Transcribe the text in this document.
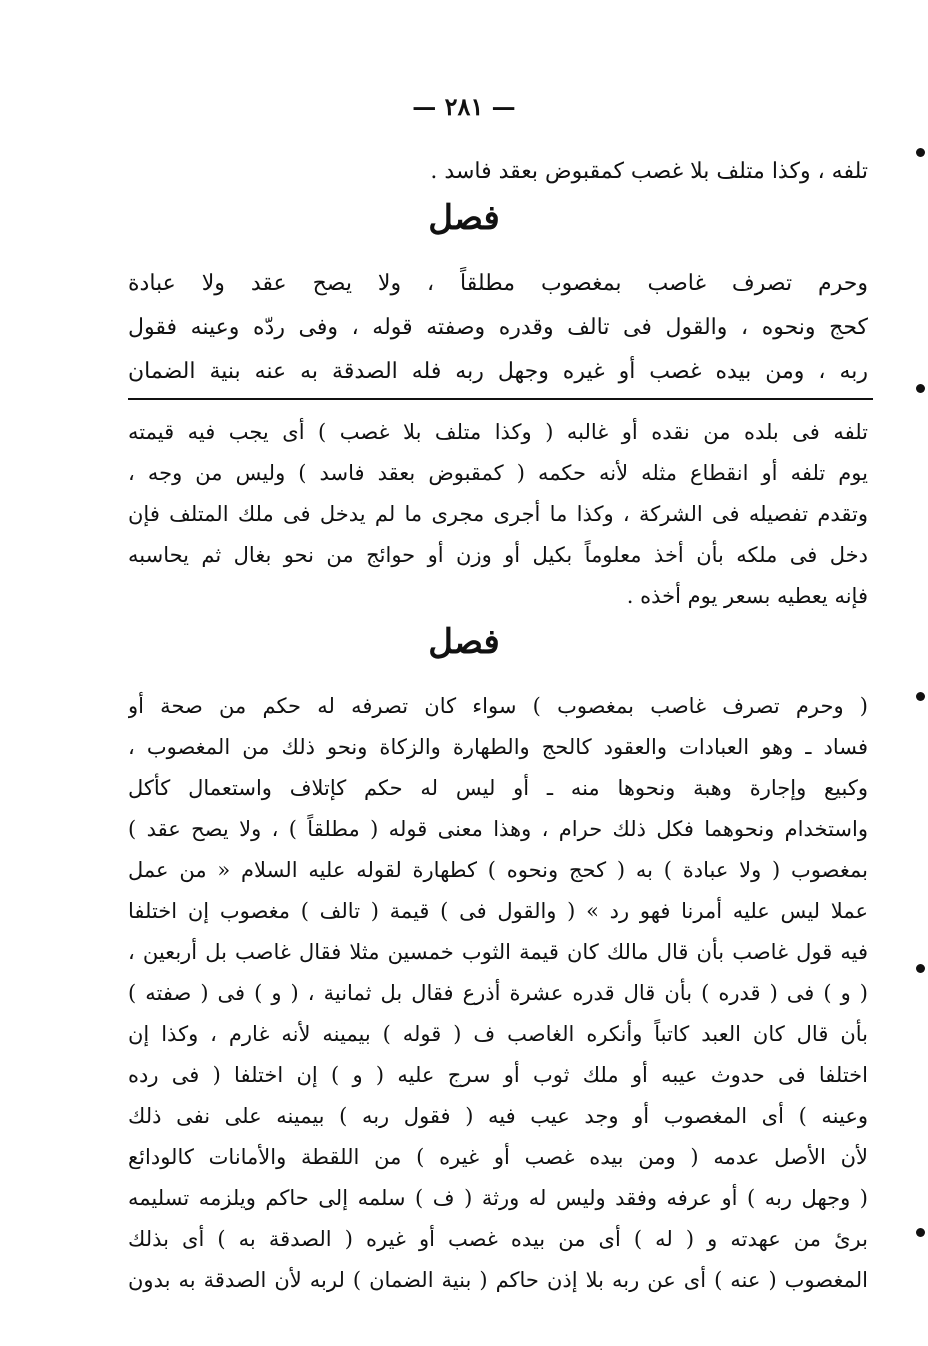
— ٢٨١ —
تلفه ، وكذا متلف بلا غصب كمقبوض بعقد فاسد .
فصل
وحرم تصرف غاصب بمغصوب مطلقاً ، ولا يصح عقد ولا عبادة
كحج ونحوه ، والقول فى تالف وقدره وصفته قوله ، وفى ردّه وعينه فقول
ربه ، ومن بيده غصب أو غيره وجهل ربه فله الصدقة به عنه بنية الضمان
تلفه فى بلده من نقده أو غالبه ( وكذا متلف بلا غصب ) أى يجب فيه قيمته
يوم تلفه أو انقطاع مثله لأنه حكمه ( كمقبوض بعقد فاسد ) وليس من وجه ،
وتقدم تفصيله فى الشركة ، وكذا ما أجرى مجرى ما لم يدخل فى ملك المتلف فإن
دخل فى ملكه بأن أخذ معلوماً بكيل أو وزن أو حوائج من نحو بغال ثم يحاسبه
فإنه يعطيه بسعر يوم أخذه .
فصل
( وحرم تصرف غاصب بمغصوب ) سواء كان تصرفه له حكم من صحة أو
فساد ـ وهو العبادات والعقود كالحج والطهارة والزكاة ونحو ذلك من المغصوب ،
وكبيع وإجارة وهبة ونحوها منه ـ أو ليس له حكم كإتلاف واستعمال كأكل
واستخدام ونحوهما فكل ذلك حرام ، وهذا معنى قوله ( مطلقاً ) ، ولا يصح عقد )
بمغصوب ( ولا عبادة ) به ( كحج ونحوه ) كطهارة لقوله عليه السلام « من عمل
عملا ليس عليه أمرنا فهو رد » ( والقول فى ) قيمة ( تالف ) مغصوب إن اختلفا
فيه قول غاصب بأن قال مالك كان قيمة الثوب خمسين مثلا فقال غاصب بل أربعين ،
( و ) فى ( قدره ) بأن قال قدره عشرة أذرع فقال بل ثمانية ، ( و ) فى ( صفته )
بأن قال كان العبد كاتباً وأنكره الغاصب ف ( قوله ) بيمينه لأنه غارم ، وكذا إن
اختلفا فى حدوث عيبه أو ملك ثوب أو سرج عليه ( و ) إن اختلفا ( فى رده
وعينه ) أى المغصوب أو وجد عيب فيه ( فقول ربه ) بيمينه على نفى ذلك
لأن الأصل عدمه ( ومن بيده غصب أو غيره ) من اللقطة والأمانات كالودائع
( وجهل ربه ) أو عرفه وفقد وليس له ورثة ( ف ) سلمه إلى حاكم ويلزمه تسليمه
برئ من عهدته و ( له ) أى من بيده غصب أو غيره ( الصدقة به ) أى بذلك
المغصوب ( عنه ) أى عن ربه بلا إذن حاكم ( بنية الضمان ) لربه لأن الصدقة به بدون
